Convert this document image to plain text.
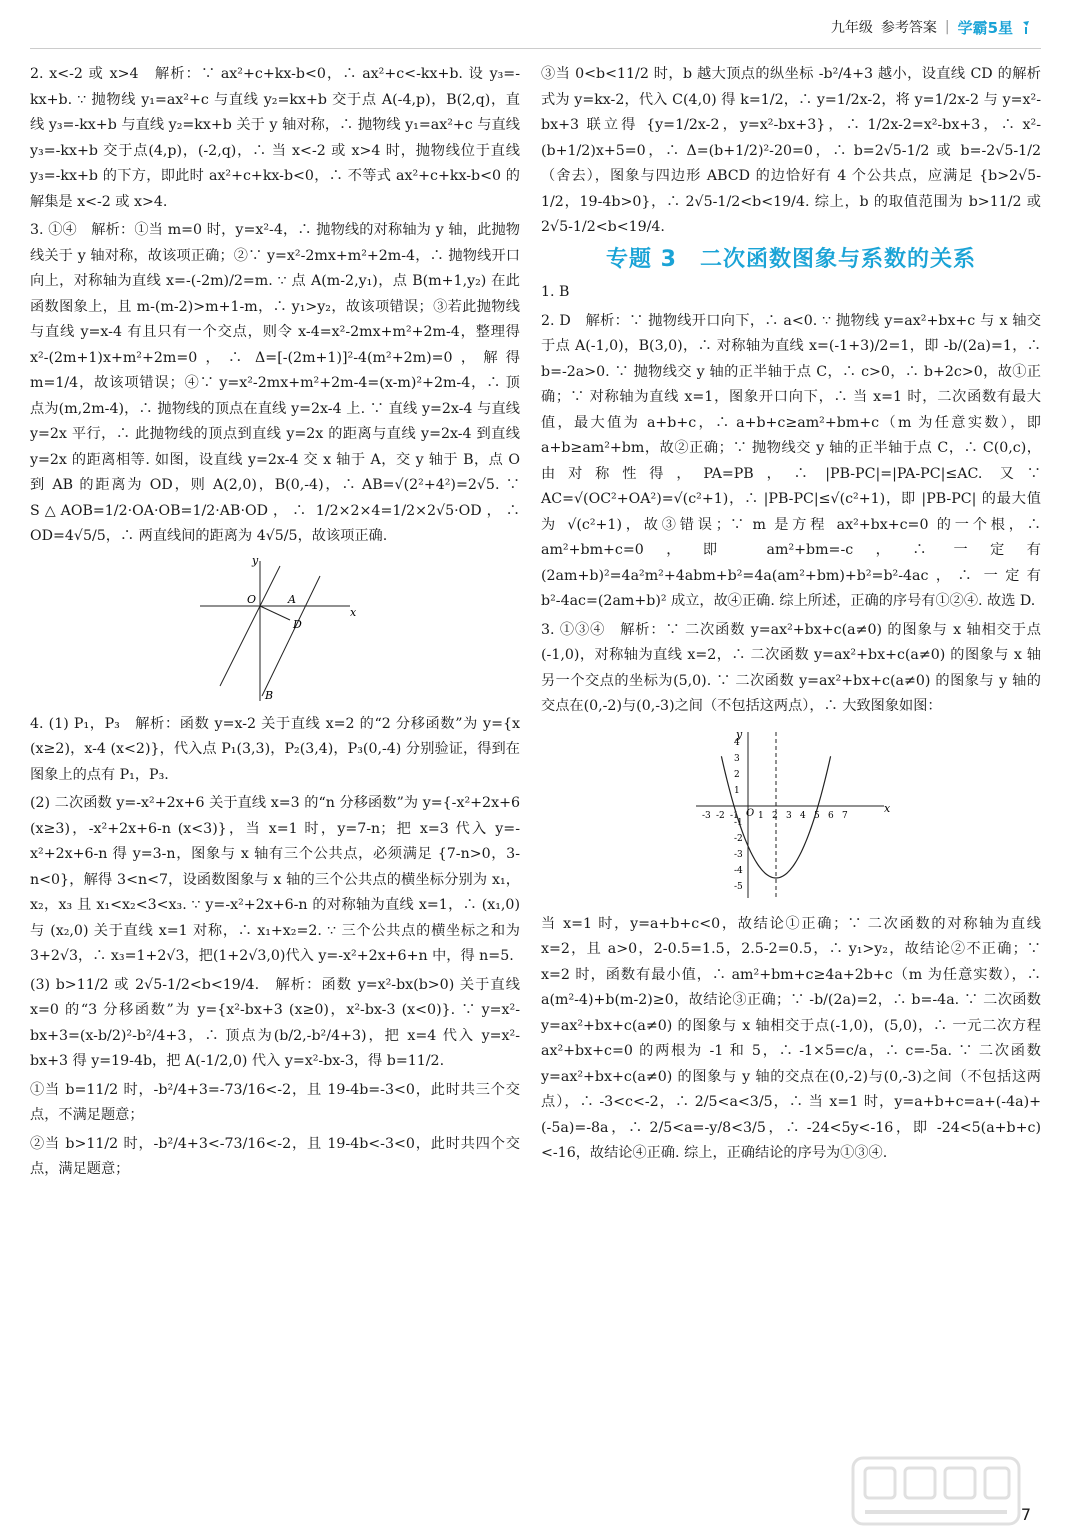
九年级 参考答案 | 学霸5星

2. x<-2 或 x>4　解析：∵ ax²+c+kx-b<0，∴ ax²+c<-kx+b. 设 y₃=-kx+b. ∵ 抛物线 y₁=ax²+c 与直线 y₂=kx+b 交于点 A(-4,p)，B(2,q)，直线 y₃=-kx+b 与直线 y₂=kx+b 关于 y 轴对称，∴ 抛物线 y₁=ax²+c 与直线 y₃=-kx+b 交于点(4,p)，(-2,q)，∴ 当 x<-2 或 x>4 时，抛物线位于直线 y₃=-kx+b 的下方，即此时 ax²+c+kx-b<0，∴ 不等式 ax²+c+kx-b<0 的解集是 x<-2 或 x>4.

3. ①④　解析：①当 m=0 时，y=x²-4，∴ 抛物线的对称轴为 y 轴，此抛物线关于 y 轴对称，故该项正确；②∵ y=x²-2mx+m²+2m-4，∴ 抛物线开口向上，对称轴为直线 x=-(-2m)/2=m. ∵ 点 A(m-2,y₁)，点 B(m+1,y₂) 在此函数图象上，且 m-(m-2)>m+1-m，∴ y₁>y₂，故该项错误；③若此抛物线与直线 y=x-4 有且只有一个交点，则令 x-4=x²-2mx+m²+2m-4，整理得 x²-(2m+1)x+m²+2m=0，∴ Δ=[-(2m+1)]²-4(m²+2m)=0，解得 m=1/4，故该项错误；④∵ y=x²-2mx+m²+2m-4=(x-m)²+2m-4，∴ 顶点为(m,2m-4)，∴ 抛物线的顶点在直线 y=2x-4 上. ∵ 直线 y=2x-4 与直线 y=2x 平行，∴ 此抛物线的顶点到直线 y=2x 的距离与直线 y=2x-4 到直线 y=2x 的距离相等. 如图，设直线 y=2x-4 交 x 轴于 A，交 y 轴于 B，点 O 到 AB 的距离为 OD，则 A(2,0)，B(0,-4)，∴ AB=√(2²+4²)=2√5. ∵ S△AOB=1/2·OA·OB=1/2·AB·OD，∴ 1/2×2×4=1/2×2√5·OD，∴ OD=4√5/5，∴ 两直线间的距离为 4√5/5，故该项正确.

y
x
O	A
D
B

4. (1) P₁，P₃　解析：函数 y=x-2 关于直线 x=2 的“2 分移函数”为 y={x (x≥2)，x-4 (x<2)}，代入点 P₁(3,3)，P₂(3,4)，P₃(0,-4) 分别验证，得到在图象上的点有 P₁，P₃.

(2) 二次函数 y=-x²+2x+6 关于直线 x=3 的“n 分移函数”为 y={-x²+2x+6 (x≥3)，-x²+2x+6-n (x<3)}，当 x=1 时，y=7-n；把 x=3 代入 y=-x²+2x+6-n 得 y=3-n，图象与 x 轴有三个公共点，必须满足 {7-n>0，3-n<0}，解得 3<n<7，设函数图象与 x 轴的三个公共点的横坐标分别为 x₁，x₂，x₃ 且 x₁<x₂<3<x₃. ∵ y=-x²+2x+6-n 的对称轴为直线 x=1，∴ (x₁,0) 与 (x₂,0) 关于直线 x=1 对称，∴ x₁+x₂=2. ∵ 三个公共点的横坐标之和为 3+2√3，∴ x₃=1+2√3，把(1+2√3,0)代入 y=-x²+2x+6+n 中，得 n=5.

(3) b>11/2 或 2√5-1/2<b<19/4.　解析：函数 y=x²-bx(b>0) 关于直线 x=0 的“3 分移函数”为 y={x²-bx+3 (x≥0)，x²-bx-3 (x<0)}. ∵ y=x²-bx+3=(x-b/2)²-b²/4+3，∴ 顶点为(b/2,-b²/4+3)，把 x=4 代入 y=x²-bx+3 得 y=19-4b，把 A(-1/2,0) 代入 y=x²-bx-3，得 b=11/2.

①当 b=11/2 时，-b²/4+3=-73/16<-2，且 19-4b=-3<0，此时共三个交点，不满足题意；

②当 b>11/2 时，-b²/4+3<-73/16<-2，且 19-4b<-3<0，此时共四个交点，满足题意；

③当 0<b<11/2 时，b 越大顶点的纵坐标 -b²/4+3 越小，设直线 CD 的解析式为 y=kx-2，代入 C(4,0) 得 k=1/2，∴ y=1/2x-2，将 y=1/2x-2 与 y=x²-bx+3 联立得 {y=1/2x-2，y=x²-bx+3}，∴ 1/2x-2=x²-bx+3，∴ x²-(b+1/2)x+5=0，∴ Δ=(b+1/2)²-20=0，∴ b=2√5-1/2 或 b=-2√5-1/2（舍去），图象与四边形 ABCD 的边恰好有 4 个公共点，应满足 {b>2√5-1/2，19-4b>0}，∴ 2√5-1/2<b<19/4. 综上，b 的取值范围为 b>11/2 或 2√5-1/2<b<19/4.

专题 3　二次函数图象与系数的关系

1. B

2. D　解析：∵ 抛物线开口向下，∴ a<0. ∵ 抛物线 y=ax²+bx+c 与 x 轴交于点 A(-1,0)，B(3,0)，∴ 对称轴为直线 x=(-1+3)/2=1，即 -b/(2a)=1，∴ b=-2a>0. ∵ 抛物线交 y 轴的正半轴于点 C，∴ c>0，∴ b+2c>0，故①正确；∵ 对称轴为直线 x=1，图象开口向下，∴ 当 x=1 时，二次函数有最大值，最大值为 a+b+c，∴ a+b+c≥am²+bm+c（m 为任意实数），即 a+b≥am²+bm，故②正确；∵ 抛物线交 y 轴的正半轴于点 C，∴ C(0,c)，由对称性得，PA=PB，∴ |PB-PC|=|PA-PC|≤AC. 又∵ AC=√(OC²+OA²)=√(c²+1)，∴ |PB-PC|≤√(c²+1)，即 |PB-PC| 的最大值为 √(c²+1)，故③错误；∵ m 是方程 ax²+bx+c=0 的一个根，∴ am²+bm+c=0，即 am²+bm=-c，∴ 一定有 (2am+b)²=4a²m²+4abm+b²=4a(am²+bm)+b²=b²-4ac，∴ 一定有 b²-4ac=(2am+b)² 成立，故④正确. 综上所述，正确的序号有①②④. 故选 D.

3. ①③④　解析：∵ 二次函数 y=ax²+bx+c(a≠0) 的图象与 x 轴相交于点(-1,0)，对称轴为直线 x=2，∴ 二次函数 y=ax²+bx+c(a≠0) 的图象与 x 轴另一个交点的坐标为(5,0). ∵ 二次函数 y=ax²+bx+c(a≠0) 的图象与 y 轴的交点在(0,-2)与(0,-3)之间（不包括这两点），∴ 大致图象如图：

-3 -2 -1 1 2 3 4 5 6 7
4
3
2
1
-1
-2
-3
-4
-5
y
x
O

当 x=1 时，y=a+b+c<0，故结论①正确；∵ 二次函数的对称轴为直线 x=2，且 a>0，2-0.5=1.5，2.5-2=0.5，∴ y₁>y₂，故结论②不正确；∵ x=2 时，函数有最小值，∴ am²+bm+c≥4a+2b+c（m 为任意实数），∴ a(m²-4)+b(m-2)≥0，故结论③正确；∵ -b/(2a)=2，∴ b=-4a. ∵ 二次函数 y=ax²+bx+c(a≠0) 的图象与 x 轴相交于点(-1,0)，(5,0)，∴ 一元二次方程 ax²+bx+c=0 的两根为 -1 和 5，∴ -1×5=c/a，∴ c=-5a. ∵ 二次函数 y=ax²+bx+c(a≠0) 的图象与 y 轴的交点在(0,-2)与(0,-3)之间（不包括这两点），∴ -3<c<-2，∴ 2/5<a<3/5，∴ 当 x=1 时，y=a+b+c=a+(-4a)+(-5a)=-8a，∴ 2/5<a=-y/8<3/5，∴ -24<5y<-16，即 -24<5(a+b+c)<-16，故结论④正确. 综上，正确结论的序号为①③④.

7
